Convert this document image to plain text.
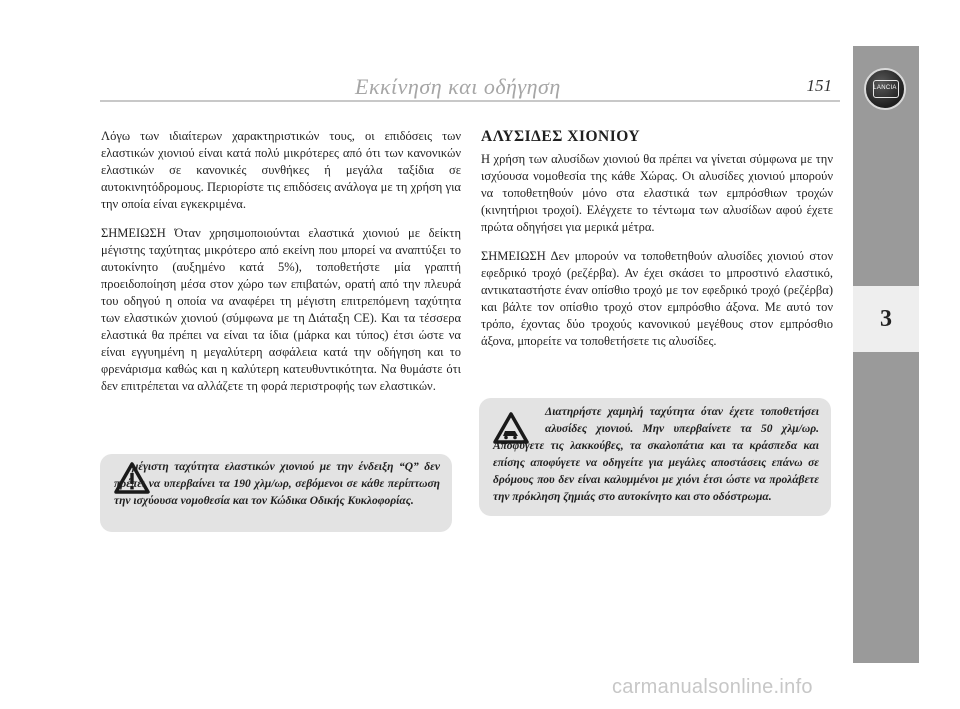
Εκκίνηση και οδήγηση	151	LANCIA
3

Λόγω των ιδιαίτερων χαρακτηριστικών τους, οι επιδόσεις των ελαστικών χιονιού είναι κατά πολύ μικρότερες από ότι των κανονικών ελαστικών σε κανονικές συνθήκες ή μεγάλα ταξίδια σε αυτοκινητόδρομους. Περιορίστε τις επιδόσεις ανάλογα με τη χρήση για την οποία είναι εγκεκριμένα.

ΣΗΜΕΙΩΣΗ Όταν χρησιμοποιούνται ελαστικά χιονιού με δείκτη μέγιστης ταχύτητας μικρότερο από εκείνη που μπορεί να αναπτύξει το αυτοκίνητο (αυξημένο κατά 5%), τοποθετήστε μία γραπτή προειδοποίηση μέσα στον χώρο των επιβατών, ορατή από την πλευρά του οδηγού η οποία να αναφέρει τη μέγιστη επιτρεπόμενη ταχύτητα των ελαστικών χιονιού (σύμφωνα με τη Διάταξη CE). Και τα τέσσερα ελαστικά θα πρέπει να είναι τα ίδια (μάρκα και τύπος) έτσι ώστε να είναι εγγυημένη η μεγαλύτερη ασφάλεια κατά την οδήγηση και το φρενάρισμα καθώς και η καλύτερη κατευθυντικότητα. Να θυμάστε ότι δεν επιτρέπεται να αλλάζετε τη φορά περιστροφής των ελαστικών.

μέγιστη ταχύτητα ελαστικών χιονιού με την ένδειξη “Q” δεν πρέπει να υπερβαίνει τα 190 χλμ/ωρ, σεβόμενοι σε κάθε περίπτωση την ισχύουσα νομοθεσία και τον Κώδικα Οδικής Κυκλοφορίας.
ΑΛΥΣΙΔΕΣ ΧΙΟΝΙΟΥ

Η χρήση των αλυσίδων χιονιού θα πρέπει να γίνεται σύμφωνα με την ισχύουσα νομοθεσία της κάθε Χώρας. Οι αλυσίδες χιονιού μπορούν να τοποθετηθούν μόνο στα ελαστικά των εμπρόσθιων τροχών (κινητήριοι τροχοί). Ελέγχετε το τέντωμα των αλυσίδων αφού έχετε πρώτα οδηγήσει για μερικά μέτρα.

ΣΗΜΕΙΩΣΗ Δεν μπορούν να τοποθετηθούν αλυσίδες χιονιού στον εφεδρικό τροχό (ρεζέρβα). Αν έχει σκάσει το μπροστινό ελαστικό, αντικαταστήστε έναν οπίσθιο τροχό με τον εφεδρικό τροχό (ρεζέρβα) και βάλτε τον οπίσθιο τροχό στον εμπρόσθιο άξονα. Με αυτό τον τρόπο, έχοντας δύο τροχούς κανονικού μεγέθους στον εμπρόσθιο άξονα, μπορείτε να τοποθετήσετε τις αλυσίδες.

Διατηρήστε χαμηλή ταχύτητα όταν έχετε τοποθετήσει αλυσίδες χιονιού. Μην υπερβαίνετε τα 50 χλμ/ωρ. Αποφύγετε τις λακκούβες, τα σκαλοπάτια και τα κράσπεδα και επίσης αποφύγετε να οδηγείτε για μεγάλες αποστάσεις επάνω σε δρόμους που δεν είναι καλυμμένοι με χιόνι έτσι ώστε να προλάβετε την πρόκληση ζημιάς στο αυτοκίνητο και στο οδόστρωμα.
carmanualsonline.info
